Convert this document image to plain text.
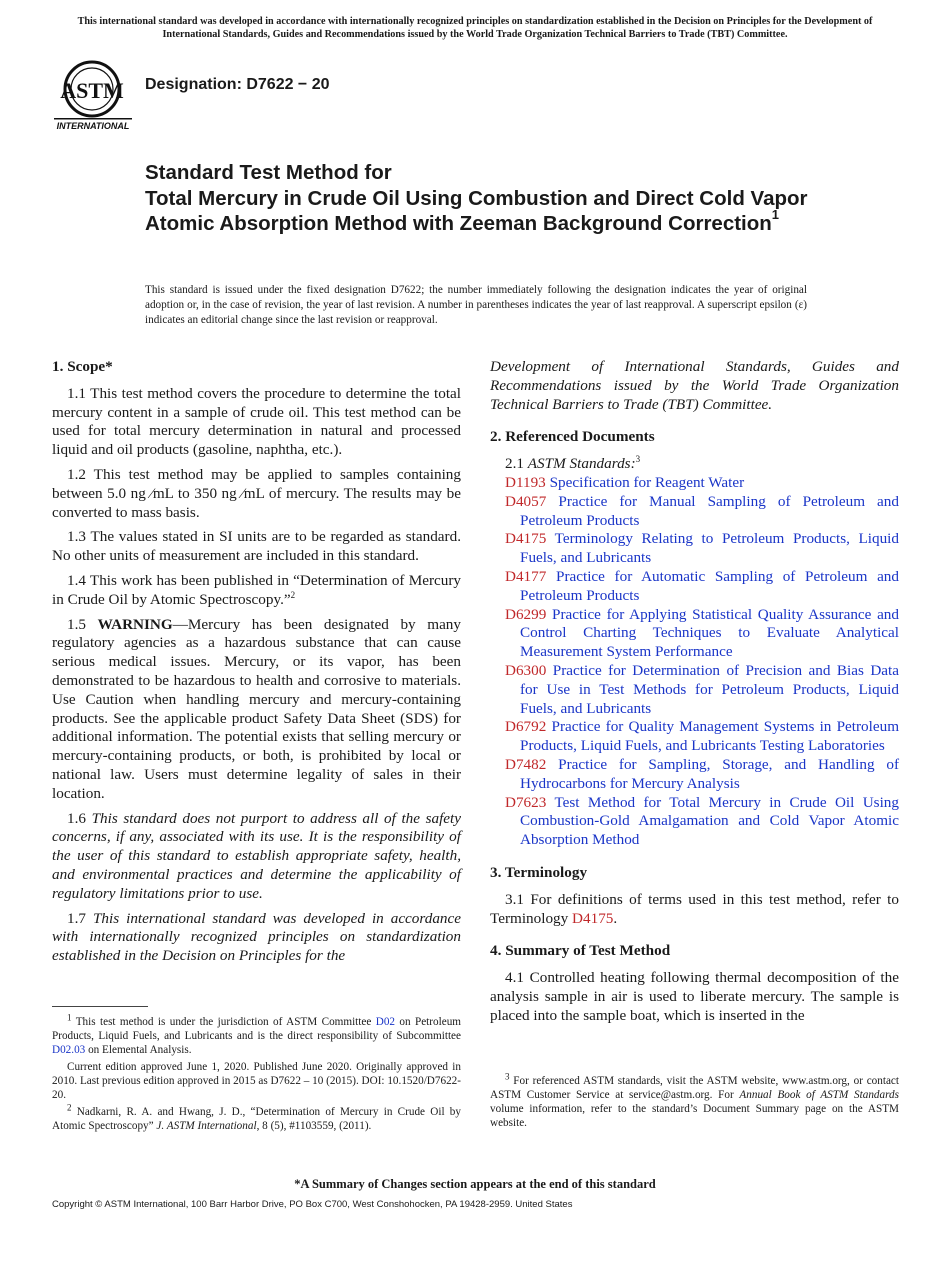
This international standard was developed in accordance with internationally recognized principles on standardization established in the Decision on Principles for the Development of International Standards, Guides and Recommendations issued by the World Trade Organization Technical Barriers to Trade (TBT) Committee.
ASTM
INTERNATIONAL
Designation: D7622 − 20
Standard Test Method for
Total Mercury in Crude Oil Using Combustion and Direct Cold Vapor Atomic Absorption Method with Zeeman Background Correction$^1$
This standard is issued under the fixed designation D7622; the number immediately following the designation indicates the year of original adoption or, in the case of revision, the year of last revision. A number in parentheses indicates the year of last reapproval. A superscript epsilon (ε) indicates an editorial change since the last revision or reapproval.
1. Scope*
1.1 This test method covers the procedure to determine the total mercury content in a sample of crude oil. This test method can be used for total mercury determination in natural and processed liquid and oil products (gasoline, naphtha, etc.).
1.2 This test method may be applied to samples containing between 5.0 ng ⁄mL to 350 ng ⁄mL of mercury. The results may be converted to mass basis.
1.3 The values stated in SI units are to be regarded as standard. No other units of measurement are included in this standard.
1.4 This work has been published in “Determination of Mercury in Crude Oil by Atomic Spectroscopy.”$^2$
1.5 WARNING—Mercury has been designated by many regulatory agencies as a hazardous substance that can cause serious medical issues. Mercury, or its vapor, has been demonstrated to be hazardous to health and corrosive to materials. Use Caution when handling mercury and mercury-containing products. See the applicable product Safety Data Sheet (SDS) for additional information. The potential exists that selling mercury or mercury-containing products, or both, is prohibited by local or national law. Users must determine legality of sales in their location.
1.6 This standard does not purport to address all of the safety concerns, if any, associated with its use. It is the responsibility of the user of this standard to establish appropriate safety, health, and environmental practices and determine the applicability of regulatory limitations prior to use.
1.7 This international standard was developed in accordance with internationally recognized principles on standardization established in the Decision on Principles for the
$^1$ This test method is under the jurisdiction of ASTM Committee D02 on Petroleum Products, Liquid Fuels, and Lubricants and is the direct responsibility of Subcommittee D02.03 on Elemental Analysis.
Current edition approved June 1, 2020. Published June 2020. Originally approved in 2010. Last previous edition approved in 2015 as D7622 – 10 (2015). DOI: 10.1520/D7622-20.
$^2$ Nadkarni, R. A. and Hwang, J. D., “Determination of Mercury in Crude Oil by Atomic Spectroscopy” J. ASTM International, 8 (5), #1103559, (2011).
Development of International Standards, Guides and Recommendations issued by the World Trade Organization Technical Barriers to Trade (TBT) Committee.
2. Referenced Documents
2.1 ASTM Standards:$^3$
D1193 Specification for Reagent Water
D4057 Practice for Manual Sampling of Petroleum and Petroleum Products
D4175 Terminology Relating to Petroleum Products, Liquid Fuels, and Lubricants
D4177 Practice for Automatic Sampling of Petroleum and Petroleum Products
D6299 Practice for Applying Statistical Quality Assurance and Control Charting Techniques to Evaluate Analytical Measurement System Performance
D6300 Practice for Determination of Precision and Bias Data for Use in Test Methods for Petroleum Products, Liquid Fuels, and Lubricants
D6792 Practice for Quality Management Systems in Petroleum Products, Liquid Fuels, and Lubricants Testing Laboratories
D7482 Practice for Sampling, Storage, and Handling of Hydrocarbons for Mercury Analysis
D7623 Test Method for Total Mercury in Crude Oil Using Combustion-Gold Amalgamation and Cold Vapor Atomic Absorption Method
3. Terminology
3.1 For definitions of terms used in this test method, refer to Terminology D4175.
4. Summary of Test Method
4.1 Controlled heating following thermal decomposition of the analysis sample in air is used to liberate mercury. The sample is placed into the sample boat, which is inserted in the
$^3$ For referenced ASTM standards, visit the ASTM website, www.astm.org, or contact ASTM Customer Service at service@astm.org. For Annual Book of ASTM Standards volume information, refer to the standard’s Document Summary page on the ASTM website.
*A Summary of Changes section appears at the end of this standard
Copyright © ASTM International, 100 Barr Harbor Drive, PO Box C700, West Conshohocken, PA 19428-2959. United States
